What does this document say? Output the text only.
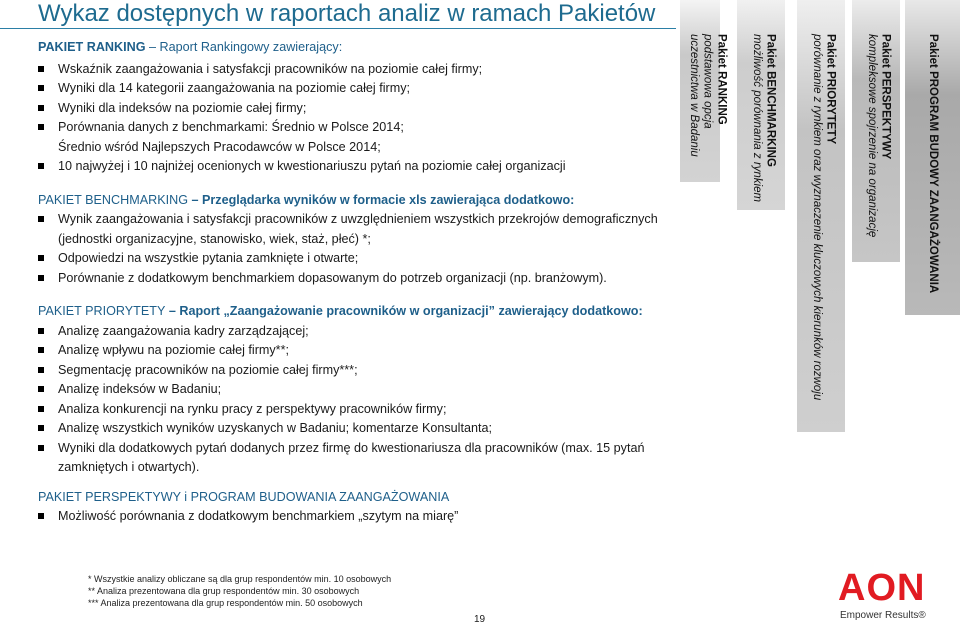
Wykaz dostępnych w raportach analiz w ramach Pakietów

PAKIET RANKING – Raport Rankingowy zawierający:

Wskaźnik zaangażowania i satysfakcji pracowników na poziomie całej firmy;
Wyniki dla 14 kategorii zaangażowania na poziomie całej firmy;
Wyniki dla indeksów na poziomie całej firmy;
Porównania danych z benchmarkami: Średnio w Polsce 2014;
Średnio wśród Najlepszych Pracodawców w Polsce 2014;
10 najwyżej i 10 najniżej ocenionych w kwestionariuszu pytań na poziomie całej organizacji

PAKIET BENCHMARKING – Przeglądarka wyników w formacie xls zawierająca dodatkowo:

Wynik zaangażowania i satysfakcji pracowników z uwzględnieniem wszystkich przekrojów demograficznych (jednostki organizacyjne, stanowisko, wiek, staż, płeć) *;
Odpowiedzi na wszystkie pytania zamknięte i otwarte;
Porównanie z dodatkowym benchmarkiem dopasowanym do potrzeb organizacji (np. branżowym).

PAKIET PRIORYTETY – Raport „Zaangażowanie pracowników w organizacji” zawierający dodatkowo:

Analizę zaangażowania kadry zarządzającej;
Analizę wpływu na poziomie całej firmy**;
Segmentację pracowników na poziomie całej firmy***;
Analizę indeksów w Badaniu;
Analiza konkurencji na rynku pracy z perspektywy pracowników firmy;
Analizę wszystkich wyników uzyskanych w Badaniu; komentarze Konsultanta;
Wyniki dla dodatkowych pytań dodanych przez firmę do kwestionariusza dla pracowników (max. 15 pytań zamkniętych i otwartych).

PAKIET PERSPEKTYWY i PROGRAM BUDOWANIA ZAANGAŻOWANIA

Możliwość porównania z dodatkowym benchmarkiem „szytym na miarę”
* Wszystkie analizy obliczane są dla grup respondentów min. 10 osobowych
** Analiza prezentowana dla grup respondentów min. 30 osobowych
*** Analiza prezentowana dla grup respondentów min. 50 osobowych
19
Pakiet RANKING
podstawowa opcja
uczestnictwa w Badaniu	Pakiet BENCHMARKING
możliwość porównania z rynkiem	Pakiet PRIORYTETY
porównanie z rynkiem oraz wyznaczenie kluczowych kierunków rozwoju	Pakiet PERSPEKTYWY
kompleksowe spojrzenie na organizację	Pakiet PROGRAM BUDOWY ZAANGAŻOWANIA
AON
Empower Results®
